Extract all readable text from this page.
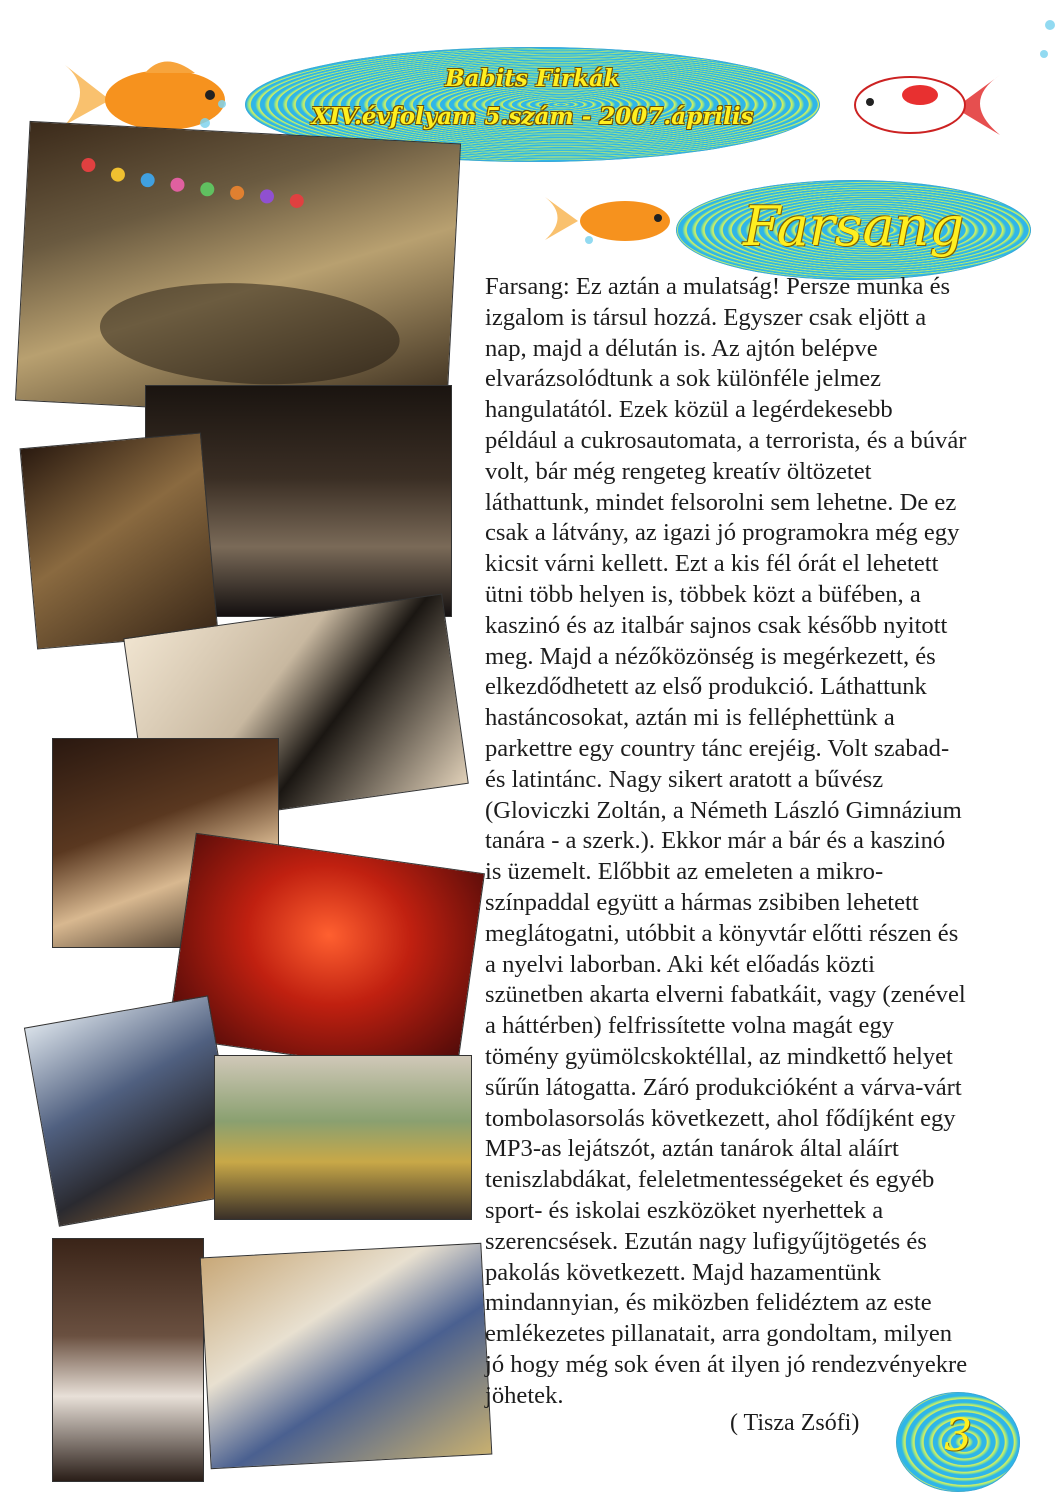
Babits Firkák
XIV.évfolyam 5.szám - 2007.április
Farsang
3
Farsang: Ez aztán a mulatság! Persze munka és
izgalom is társul hozzá. Egyszer csak eljött a
nap, majd a délután is. Az ajtón belépve
elvarázsolódtunk a sok különféle jelmez
hangulatától. Ezek közül a legérdekesebb
például a cukrosautomata, a terrorista, és a búvár
volt, bár még rengeteg kreatív öltözetet
láthattunk, mindet felsorolni sem lehetne. De ez
csak a látvány, az igazi jó programokra még egy
kicsit várni kellett. Ezt a kis fél órát el lehetett
ütni több helyen is, többek közt a büfében, a
kaszinó és az italbár sajnos csak később nyitott
meg. Majd a nézőközönség is megérkezett, és
elkezdődhetett az első produkció. Láthattunk
hastáncosokat, aztán mi is felléphettünk a
parkettre egy country tánc erejéig. Volt szabad-
és latintánc. Nagy sikert aratott a bűvész
(Gloviczki Zoltán, a Németh László Gimnázium
tanára - a szerk.). Ekkor már a bár és a kaszinó
is üzemelt. Előbbit az emeleten a mikro-
színpaddal együtt a hármas zsibiben lehetett
meglátogatni, utóbbit a könyvtár előtti részen és
a nyelvi laborban. Aki két előadás közti
szünetben akarta elverni fabatkáit, vagy (zenével
a háttérben) felfrissítette volna magát egy
tömény gyümölcskoktéllal, az mindkettő helyet
sűrűn látogatta. Záró produkcióként a várva-várt
tombolasorsolás következett, ahol fődíjként egy
MP3-as lejátszót, aztán tanárok által aláírt
teniszlabdákat, feleletmentességeket és egyéb
sport- és iskolai eszközöket nyerhettek a
szerencsések. Ezután nagy lufigyűjtögetés és
pakolás következett. Majd hazamentünk
mindannyian, és miközben felidéztem az este
emlékezetes pillanatait, arra gondoltam, milyen
jó hogy még sok éven át ilyen jó rendezvényekre
jöhetek.
( Tisza Zsófi)
